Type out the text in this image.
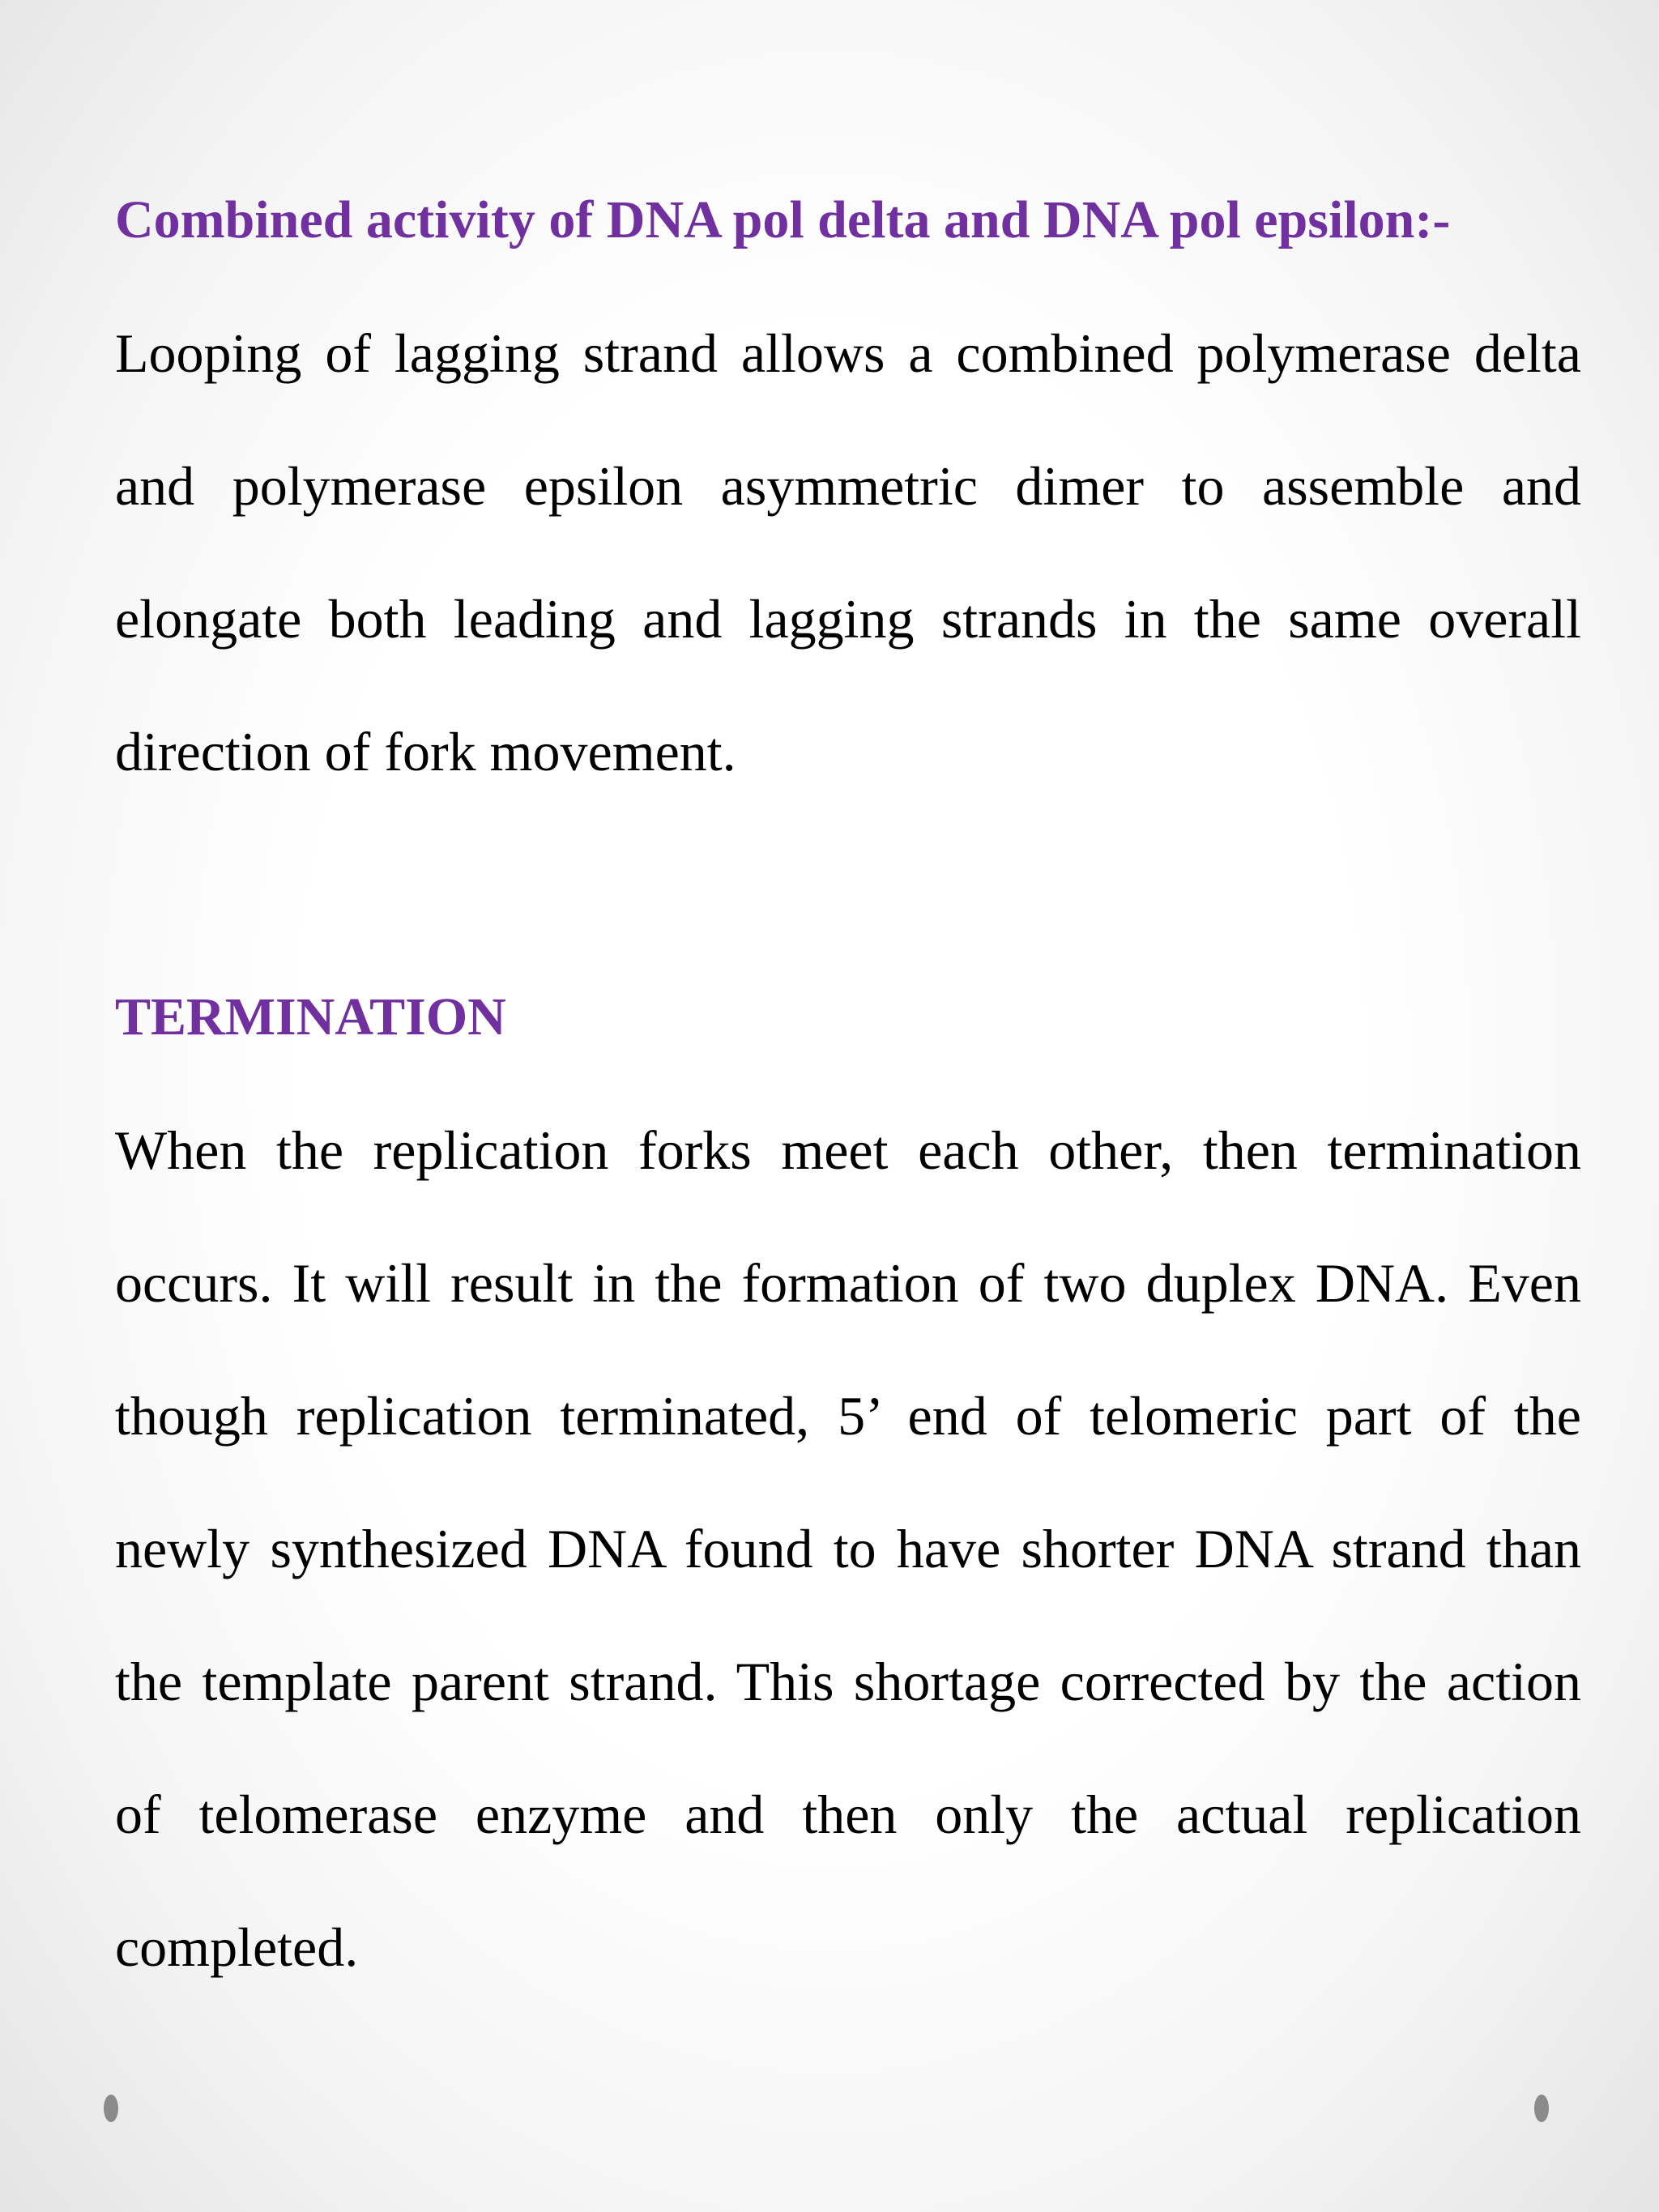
Combined activity of DNA pol delta and DNA pol epsilon:-

Looping of lagging strand allows a combined polymerase delta and polymerase epsilon asymmetric dimer to assemble and elongate both leading and lagging strands in the same overall direction of fork movement.

TERMINATION

When the replication forks meet each other, then termination occurs. It will result in the formation of two duplex DNA. Even though replication terminated, 5’ end of telomeric part of the newly synthesized DNA found to have shorter DNA strand than the template parent strand. This shortage corrected by the action of telomerase enzyme and then only the actual replication completed.
